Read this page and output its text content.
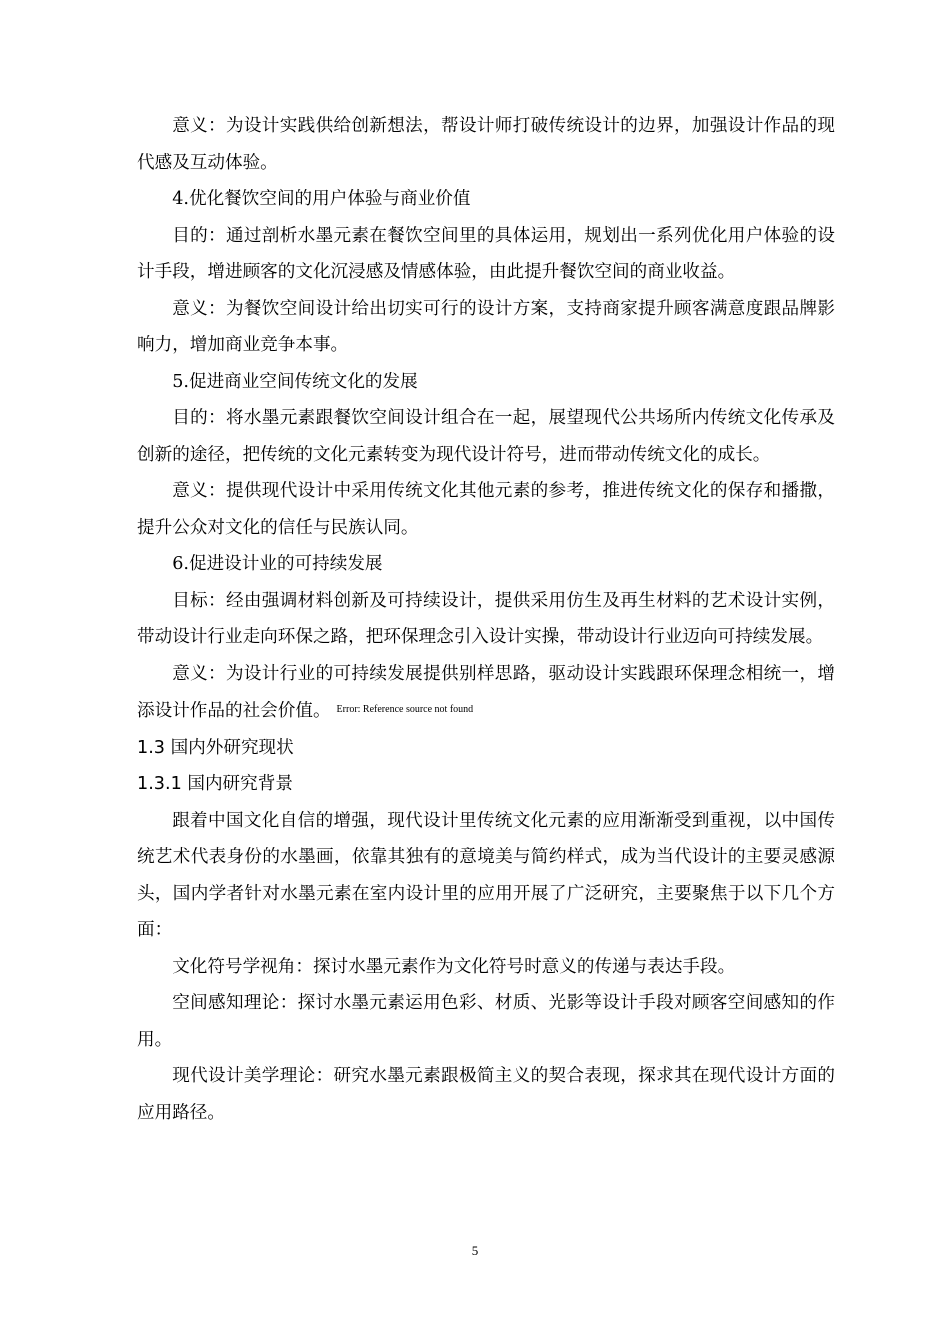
意义：为设计实践供给创新想法，帮设计师打破传统设计的边界，加强设计作品的现代感及互动体验。

4.优化餐饮空间的用户体验与商业价值

目的：通过剖析水墨元素在餐饮空间里的具体运用，规划出一系列优化用户体验的设计手段，增进顾客的文化沉浸感及情感体验，由此提升餐饮空间的商业收益。

意义：为餐饮空间设计给出切实可行的设计方案，支持商家提升顾客满意度跟品牌影响力，增加商业竞争本事。

5.促进商业空间传统文化的发展

目的：将水墨元素跟餐饮空间设计组合在一起，展望现代公共场所内传统文化传承及创新的途径，把传统的文化元素转变为现代设计符号，进而带动传统文化的成长。

意义：提供现代设计中采用传统文化其他元素的参考，推进传统文化的保存和播撒，提升公众对文化的信任与民族认同。

6.促进设计业的可持续发展

目标：经由强调材料创新及可持续设计，提供采用仿生及再生材料的艺术设计实例，带动设计行业走向环保之路，把环保理念引入设计实操，带动设计行业迈向可持续发展。

意义：为设计行业的可持续发展提供别样思路，驱动设计实践跟环保理念相统一，增添设计作品的社会价值。 $^{Error: Reference source not found}$

1.3 国内外研究现状

1.3.1 国内研究背景

跟着中国文化自信的增强，现代设计里传统文化元素的应用渐渐受到重视，以中国传统艺术代表身份的水墨画，依靠其独有的意境美与简约样式，成为当代设计的主要灵感源头，国内学者针对水墨元素在室内设计里的应用开展了广泛研究，主要聚焦于以下几个方面：

文化符号学视角：探讨水墨元素作为文化符号时意义的传递与表达手段。

空间感知理论：探讨水墨元素运用色彩、材质、光影等设计手段对顾客空间感知的作用。

现代设计美学理论：研究水墨元素跟极简主义的契合表现，探求其在现代设计方面的应用路径。

5
